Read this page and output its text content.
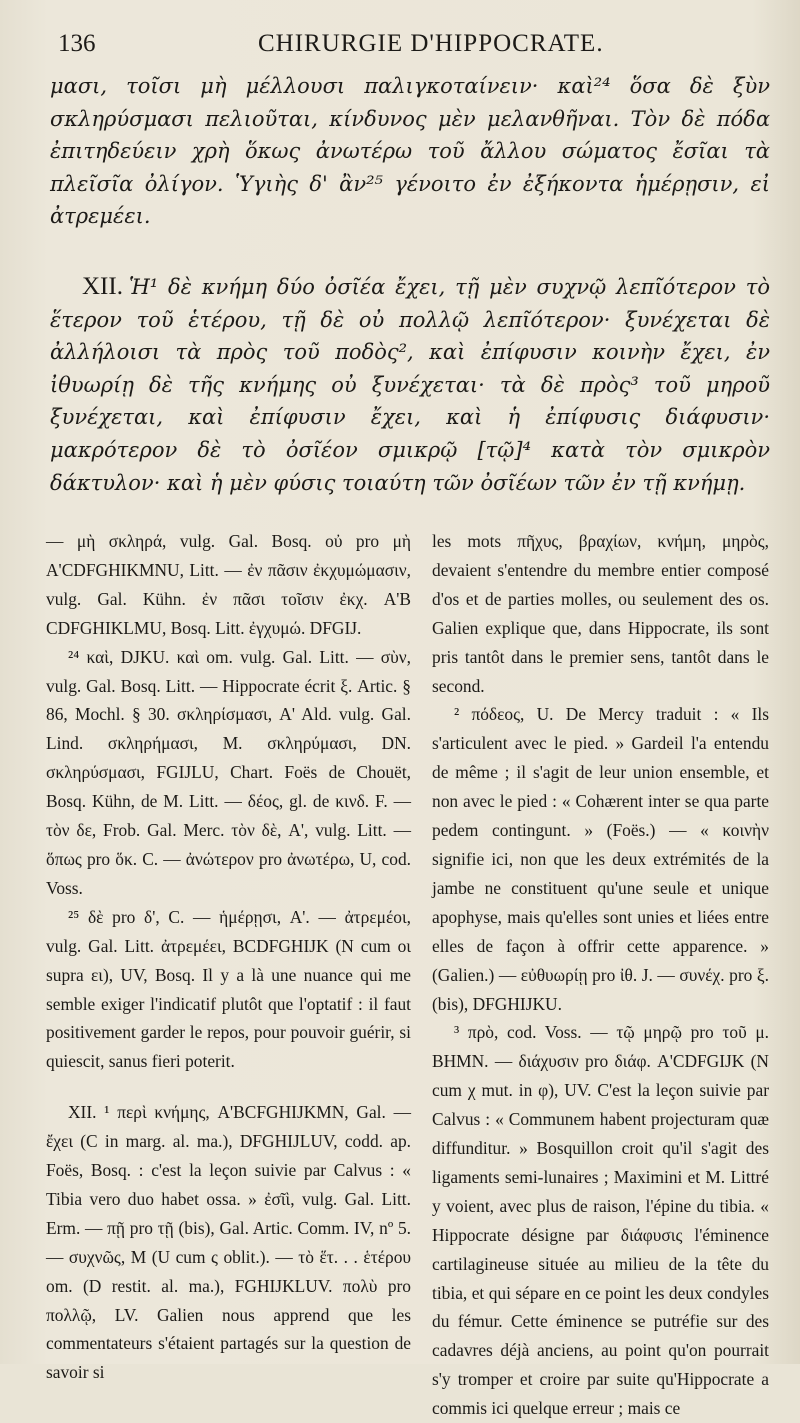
136	CHIRURGIE D'HIPPOCRATE.

μασι, τοῖσι μὴ μέλλουσι παλιγκοταίνειν· καὶ²⁴ ὅσα δὲ ξὺν σκληρύσμασι πελιοῦται, κίνδυνος μὲν μελανθῆναι. Τὸν δὲ πόδα ἐπιτηδεύειν χρὴ ὅκως ἀνωτέρω τοῦ ἄλλου σώματος ἔσῖαι τὰ πλεῖσῖα ὀλίγον. Ὑγιὴς δ' ἂν²⁵ γένοιτο ἐν ἐξήκοντα ἡμέρῃσιν, εἰ ἀτρεμέει.

XII. Ἡ¹ δὲ κνήμη δύο ὀσῖέα ἔχει, τῇ μὲν συχνῷ λεπῖότερον τὸ ἕτερον τοῦ ἑτέρου, τῇ δὲ οὐ πολλῷ λεπῖότερον· ξυνέχεται δὲ ἀλλήλοισι τὰ πρὸς τοῦ ποδὸς², καὶ ἐπίφυσιν κοινὴν ἔχει, ἐν ἰθυωρίῃ δὲ τῆς κνήμης οὐ ξυνέχεται· τὰ δὲ πρὸς³ τοῦ μηροῦ ξυνέχεται, καὶ ἐπίφυσιν ἔχει, καὶ ἡ ἐπίφυσις διάφυσιν· μακρότερον δὲ τὸ ὀσῖέον σμικρῷ [τῷ]⁴ κατὰ τὸν σμικρὸν δάκτυλον· καὶ ἡ μὲν φύσις τοιαύτη τῶν ὀσῖέων τῶν ἐν τῇ κνήμῃ.

— μὴ σκληρά, vulg. Gal. Bosq. οὐ pro μὴ A'CDFGHIKMNU, Litt. — ἐν πᾶσιν ἐκχυμώμασιν, vulg. Gal. Kühn. ἐν πᾶσι τοῖσιν ἐκχ. A'B CDFGHIKLMU, Bosq. Litt. ἐγχυμώ. DFGIJ.

²⁴ καὶ, DJKU. καὶ om. vulg. Gal. Litt. — σὺν, vulg. Gal. Bosq. Litt. — Hippocrate écrit ξ. Artic. § 86, Mochl. § 30. σκληρίσμασι, A' Ald. vulg. Gal. Lind. σκληρήμασι, M. σκληρύμασι, DN. σκληρύσμασι, FGIJLU, Chart. Foës de Chouët, Bosq. Kühn, de M. Litt. — δέος, gl. de κινδ. F. — τὸν δε, Frob. Gal. Merc. τὸν δὲ, A', vulg. Litt. — ὅπως pro ὅκ. C. — ἀνώτερον pro ἀνωτέρω, U, cod. Voss.

²⁵ δὲ pro δ', C. — ἡμέρῃσι, A'. — ἀτρεμέοι, vulg. Gal. Litt. ἀτρεμέει, BCDFGHIJK (N cum οι supra ει), UV, Bosq. Il y a là une nuance qui me semble exiger l'indicatif plutôt que l'optatif : il faut positivement garder le repos, pour pouvoir guérir, si quiescit, sanus fieri poterit.

XII. ¹ περὶ κνήμης, A'BCFGHIJKMN, Gal. — ἔχει (C in marg. al. ma.), DFGHIJLUV, codd. ap. Foës, Bosq. : c'est la leçon suivie par Calvus : « Tibia vero duo habet ossa. » ἐσῖὶ, vulg. Gal. Litt. Erm. — πῇ pro τῇ (bis), Gal. Artic. Comm. IV, nº 5. — συχνῶς, M (U cum ς oblit.). — τὸ ἕτ. . . ἑτέρου om. (D restit. al. ma.), FGHIJKLUV. πολὺ pro πολλῷ, LV. Galien nous apprend que les commentateurs s'étaient partagés sur la question de savoir si

les mots πῆχυς, βραχίων, κνήμη, μηρὸς, devaient s'entendre du membre entier composé d'os et de parties molles, ou seulement des os. Galien explique que, dans Hippocrate, ils sont pris tantôt dans le premier sens, tantôt dans le second.

² πόδεος, U. De Mercy traduit : « Ils s'articulent avec le pied. » Gardeil l'a entendu de même ; il s'agit de leur union ensemble, et non avec le pied : « Cohærent inter se qua parte pedem contingunt. » (Foës.) — « κοινὴν signifie ici, non que les deux extrémités de la jambe ne constituent qu'une seule et unique apophyse, mais qu'elles sont unies et liées entre elles de façon à offrir cette apparence. » (Galien.) — εὐθυωρίῃ pro ἰθ. J. — συνέχ. pro ξ. (bis), DFGHIJKU.

³ πρὸ, cod. Voss. — τῷ μηρῷ pro τοῦ μ. BHMN. — διάχυσιν pro διάφ. A'CDFGIJK (N cum χ mut. in φ), UV. C'est la leçon suivie par Calvus : « Communem habent projecturam quæ diffunditur. » Bosquillon croit qu'il s'agit des ligaments semi-lunaires ; Maximini et M. Littré y voient, avec plus de raison, l'épine du tibia. « Hippocrate désigne par διάφυσις l'éminence cartilagineuse située au milieu de la tête du tibia, et qui sépare en ce point les deux condyles du fémur. Cette éminence se putréfie sur des cadavres déjà anciens, au point qu'on pourrait s'y tromper et croire par suite qu'Hippocrate a commis ici quelque erreur ; mais ce
